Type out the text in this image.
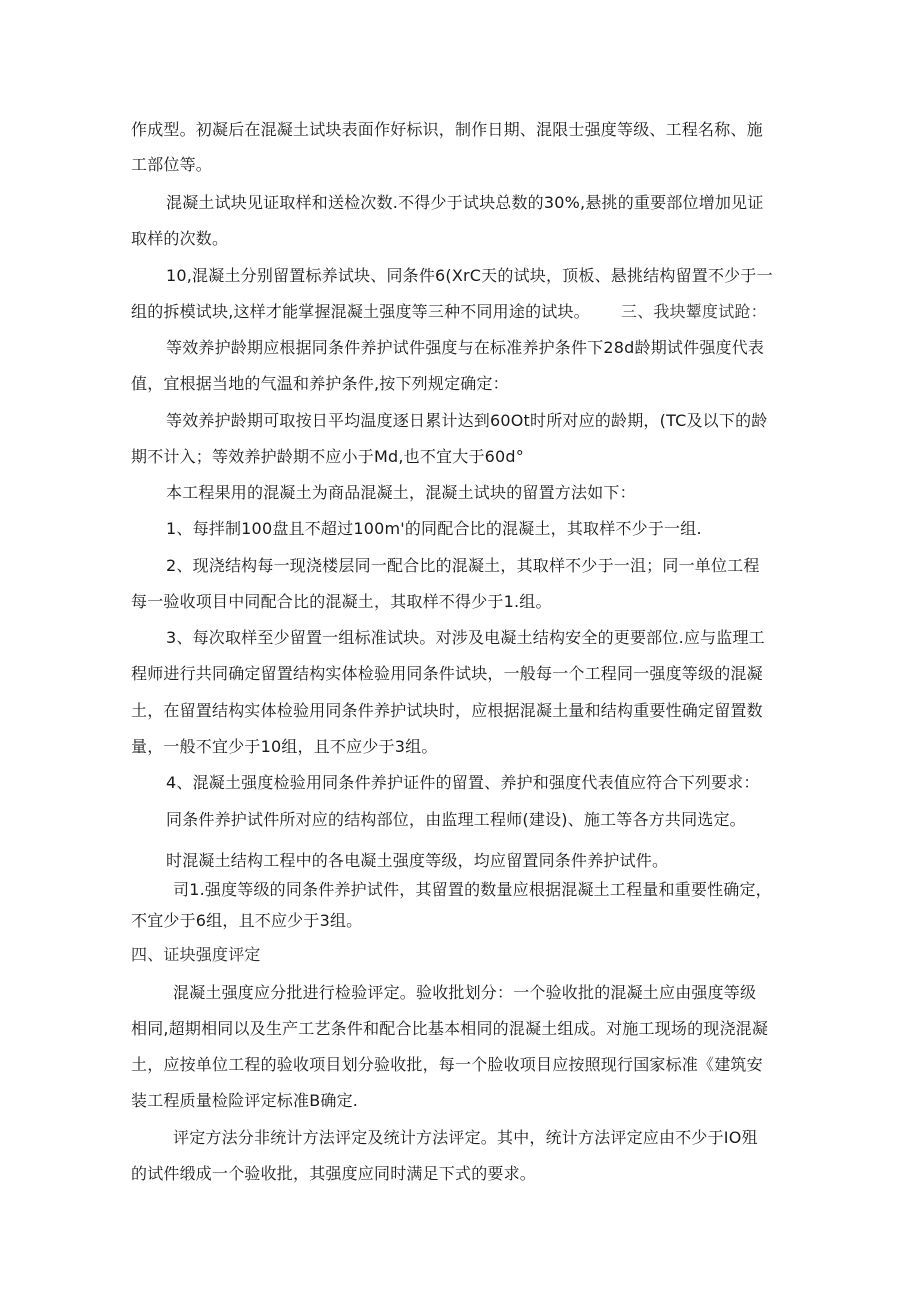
作成型。初凝后在混凝土试块表面作好标识，制作日期、混限士强度等级、工程名称、施
工部位等。
混凝土试块见证取样和送检次数.不得少于试块总数的30%,悬挑的重要部位增加见证
取样的次数。
10,混凝土分别留置标养试块、同条件6(XrC天的试块，顶板、悬挑结构留置不少于一
组的拆模试块,这样才能掌握混凝土强度等三种不同用途的试块。 三、我块颦度试跄：
等效养护龄期应根据同条件养护试件强度与在标准养护条件下28d龄期试件强度代表
值，宜根据当地的气温和养护条件,按下列规定确定：
等效养护龄期可取按日平均温度逐日累计达到60Ot时所对应的龄期，(TC及以下的龄
期不计入；等效养护龄期不应小于Md,也不宜大于60d°
本工程果用的混凝土为商品混凝土，混凝土试块的留置方法如下：
1、每拌制100盘且不超过100m'的同配合比的混凝土，其取样不少于一组.
2、现浇结构每一现浇楼层同一配合比的混凝土，其取样不少于一沮；同一单位工程
每一验收项目中同配合比的混凝土，其取样不得少于1.组。
3、每次取样至少留置一组标准试块。对涉及电凝土结构安全的更要部位.应与监理工
程师进行共同确定留置结构实体检验用同条件试块，一般每一个工程同一强度等级的混凝
土，在留置结构实体检验用同条件养护试块时，应根据混凝土量和结构重要性确定留置数
量，一般不宜少于10组，且不应少于3组。
4、混凝土强度检验用同条件养护证件的留置、养护和强度代表值应符合下列要求：
同条件养护试件所对应的结构部位，由监理工程师(建设)、施工等各方共同选定。
时混凝土结构工程中的各电凝土强度等级，均应留置同条件养护试件。
司1.强度等级的同条件养护试件，其留置的数量应根据混凝土工程量和重要性确定，
不宜少于6组，且不应少于3组。
四、证块强度评定
混凝土强度应分批进行检验评定。验收批划分：一个验收批的混凝土应由强度等级
相同,超期相同以及生产工艺条件和配合比基本相同的混凝土组成。对施工现场的现浇混凝
土，应按单位工程的验收项目划分验收批，每一个脸收项目应按照现行国家标准《建筑安
装工程质量检险评定标准B确定.
评定方法分非统计方法评定及统计方法评定。其中，统计方法评定应由不少于IO殂
的试件缎成一个验收批，其强度应同时满足下式的要求。
